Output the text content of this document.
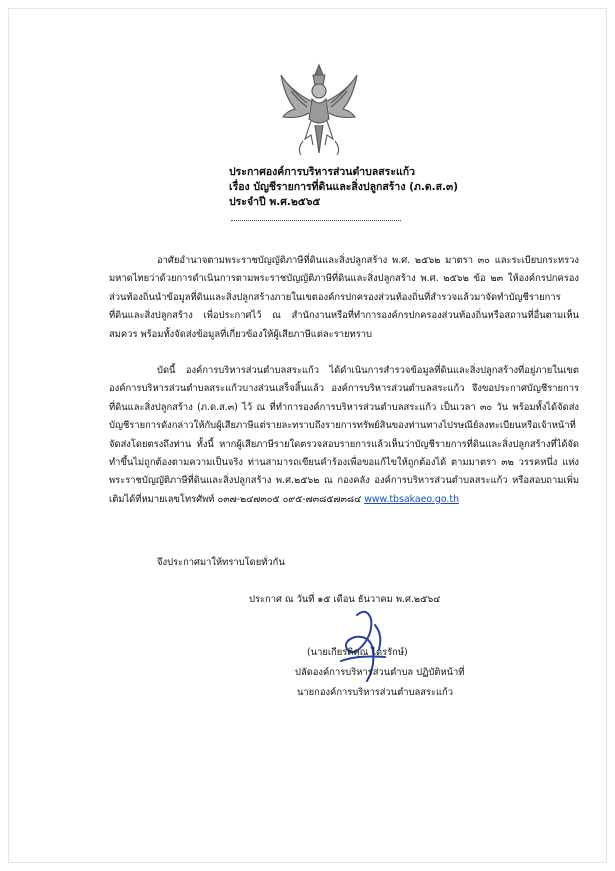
ประกาศองค์การบริหารส่วนตำบลสระแก้ว
เรื่อง บัญชีรายการที่ดินและสิ่งปลูกสร้าง (ภ.ด.ส.๓)
ประจำปี พ.ศ.๒๕๖๕
อาศัยอำนาจตามพระราชบัญญัติภาษีที่ดินและสิ่งปลูกสร้าง พ.ศ. ๒๕๖๒ มาตรา ๓๐ และระเบียบกระทรวงมหาดไทยว่าด้วยการดำเนินการตามพระราชบัญญัติภาษีที่ดินและสิ่งปลูกสร้าง พ.ศ. ๒๕๖๒ ข้อ ๒๓ ให้องค์กรปกครองส่วนท้องถิ่นนำข้อมูลที่ดินและสิ่งปลูกสร้างภายในเขตองค์กรปกครองส่วนท้องถิ่นที่สำรวจแล้วมาจัดทำบัญชีรายการที่ดินและสิ่งปลูกสร้าง เพื่อประกาศไว้ ณ สำนักงานหรือที่ทำการองค์กรปกครองส่วนท้องถิ่นหรือสถานที่อื่นตามเห็นสมควร พร้อมทั้งจัดส่งข้อมูลที่เกี่ยวข้องให้ผู้เสียภาษีแต่ละรายทราบ
บัดนี้ องค์การบริหารส่วนตำบลสระแก้ว ได้ดำเนินการสำรวจข้อมูลที่ดินและสิ่งปลูกสร้างที่อยู่ภายในเขตองค์การบริหารส่วนตำบลสระแก้วบางส่วนเสร็จสิ้นแล้ว องค์การบริหารส่วนตำบลสระแก้ว จึงขอประกาศบัญชีรายการที่ดินและสิ่งปลูกสร้าง (ภ.ด.ส.๓) ไว้ ณ ที่ทำการองค์การบริหารส่วนตำบลสระแก้ว เป็นเวลา ๓๐ วัน พร้อมทั้งได้จัดส่งบัญชีรายการดังกล่าวให้กับผู้เสียภาษีแต่รายละทราบถึงรายการทรัพย์สินของท่านทางไปรษณีย์ลงทะเบียนหรือเจ้าหน้าที่จัดส่งโดยตรงถึงท่าน ทั้งนี้ หากผู้เสียภาษีรายใดตรวจสอบรายการแล้วเห็นว่าบัญชีรายการที่ดินและสิ่งปลูกสร้างที่ได้จัดทำขึ้นไม่ถูกต้องตามความเป็นจริง ท่านสามารถเขียนคำร้องเพื่อขอแก้ไขให้ถูกต้องได้ ตามมาตรา ๓๒ วรรคหนึ่ง แห่งพระราชบัญญัติภาษีที่ดินและสิ่งปลูกสร้าง พ.ศ.๒๕๖๒ ณ กองคลัง องค์การบริหารส่วนตำบลสระแก้ว หรือสอบถามเพิ่มเติมได้ที่หมายเลขโทรศัพท์ ๐๓๗-๒๔๗๓๐๕ ๐๙๕-๗๓๘๕๗๓๘๔ www.tbsakaeo.go.th
จึงประกาศมาให้ทราบโดยทั่วกัน
ประกาศ ณ วันที่ ๑๕ เดือน ธันวาคม พ.ศ.๒๕๖๔
(นายเกียรติคุณ ไตรรักษ์)
ปลัดองค์การบริหารส่วนตำบล ปฏิบัติหน้าที่
นายกองค์การบริหารส่วนตำบลสระแก้ว
